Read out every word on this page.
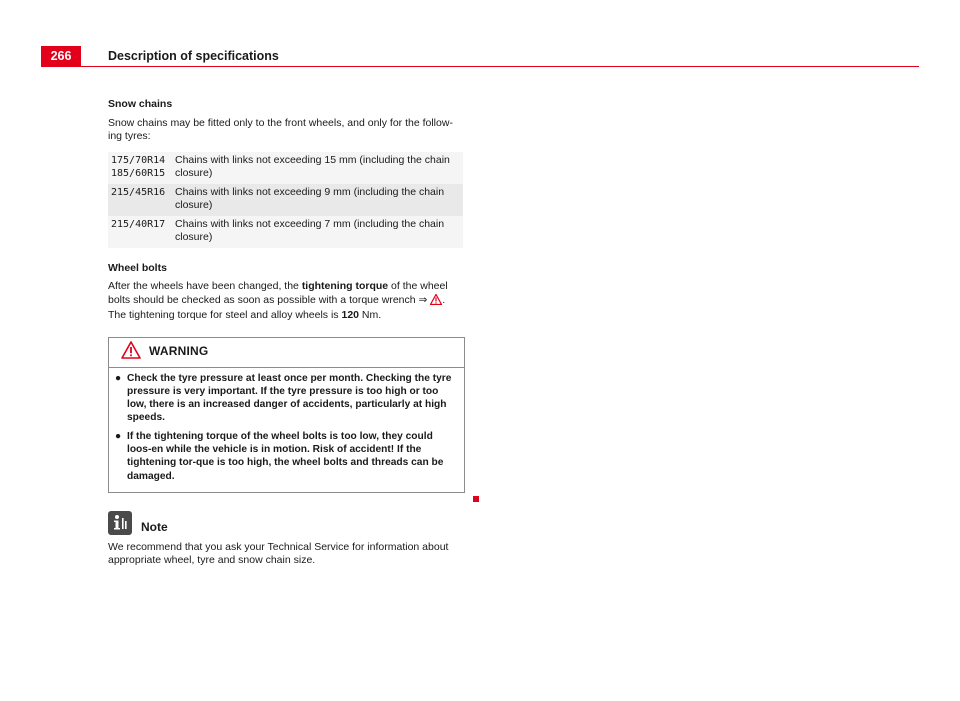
266	Description of specifications
Snow chains

Snow chains may be fitted only to the front wheels, and only for the follow-ing tyres:

175/70R14
185/60R15	Chains with links not exceeding 15 mm (including the chain closure)

215/45R16	Chains with links not exceeding 9 mm (including the chain closure)

215/40R17	Chains with links not exceeding 7 mm (including the chain closure)
Wheel bolts

After the wheels have been changed, the tightening torque of the wheel bolts should be checked as soon as possible with a torque wrench ⇒ .
The tightening torque for steel and alloy wheels is 120 Nm.

WARNING
● Check the tyre pressure at least once per month. Checking the tyre pressure is very important. If the tyre pressure is too high or too low, there is an increased danger of accidents, particularly at high speeds.
● If the tightening torque of the wheel bolts is too low, they could loos-en while the vehicle is in motion. Risk of accident! If the tightening tor-que is too high, the wheel bolts and threads can be damaged.
Note

We recommend that you ask your Technical Service for information about appropriate wheel, tyre and snow chain size.
